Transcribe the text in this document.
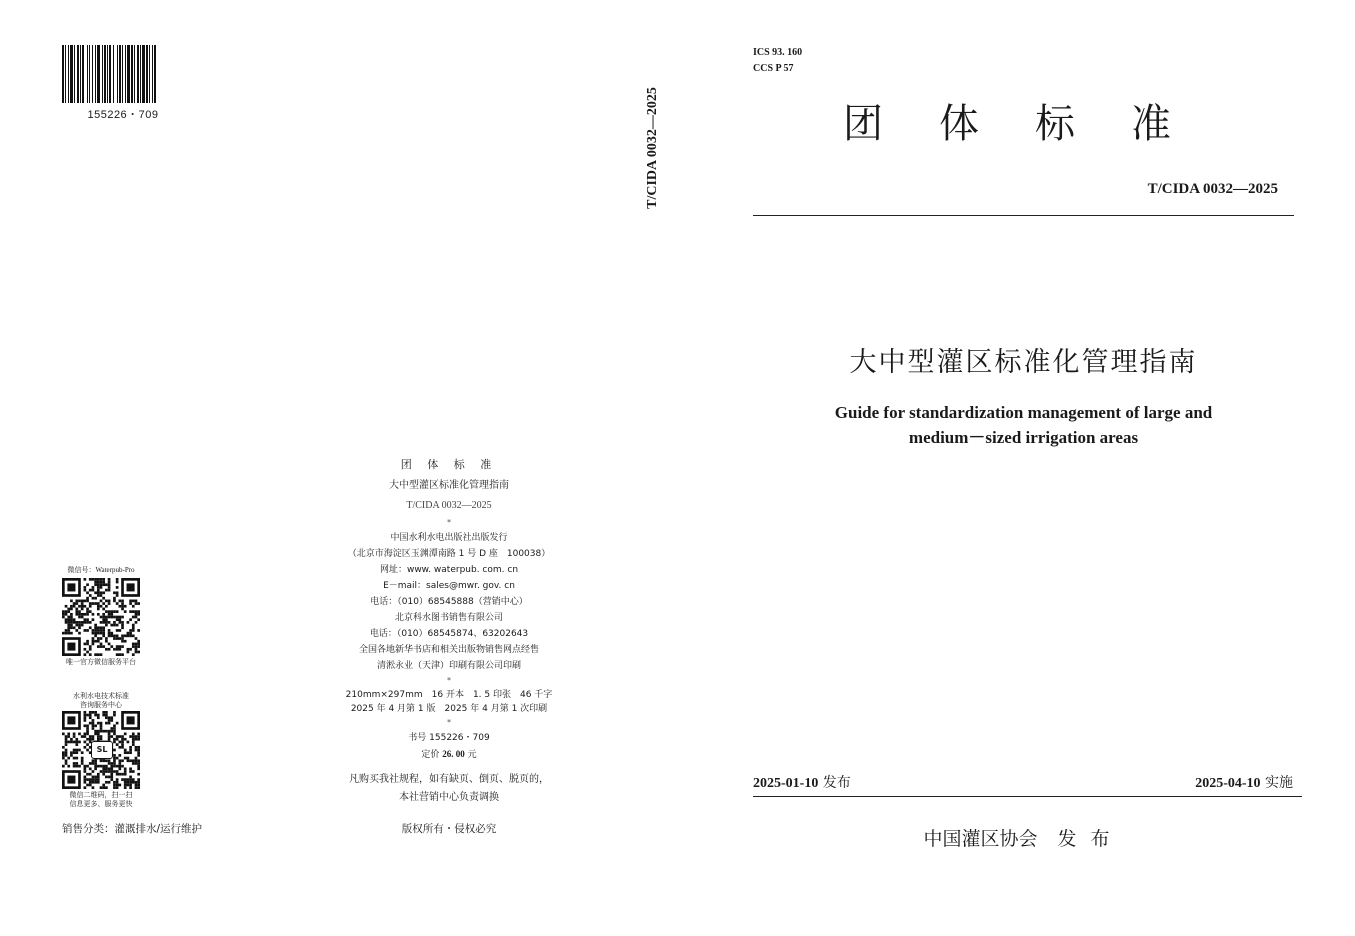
155226・709
团 体 标 准
大中型灌区标准化管理指南
T/CIDA 0032—2025
*
中国水利水电出版社出版发行
（北京市海淀区玉渊潭南路 1 号 D 座　100038）
网址：www. waterpub. com. cn
E－mail：sales@mwr. gov. cn
电话：（010）68545888（营销中心）
北京科水图书销售有限公司
电话：（010）68545874、63202643
全国各地新华书店和相关出版物销售网点经售
清淞永业（天津）印刷有限公司印刷
*
210mm×297mm　16 开本　1. 5 印张　46 千字
2025 年 4 月第 1 版　2025 年 4 月第 1 次印刷
*
书号 155226・709
定价 26. 00 元
凡购买我社规程，如有缺页、倒页、脱页的，
本社营销中心负责调换
微信号：Waterpub-Pro
唯一官方微信服务平台
水利水电技术标准
咨询服务中心
SL
微信二维码，扫一扫
信息更多、服务更快
销售分类：灌溉排水/运行维护	版权所有・侵权必究
T/CIDA 0032—2025
ICS 93. 160
CCS P 57
团体标准
T/CIDA 0032—2025
大中型灌区标准化管理指南
Guide for standardization management of large and
medium－sized irrigation areas
2025-01-10 发布	2025-04-10 实施
中国灌区协会 发布
